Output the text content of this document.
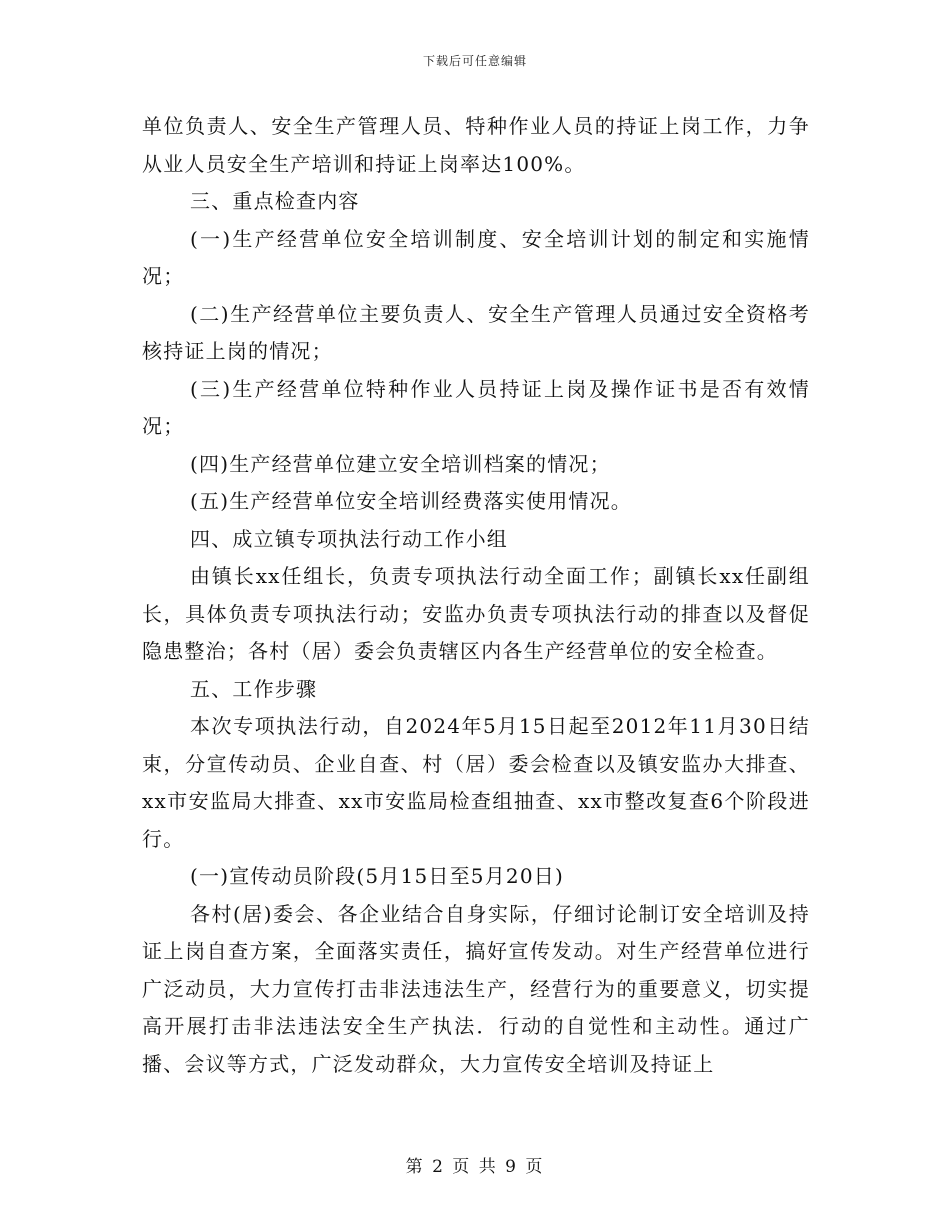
下载后可任意编辑

单位负责人、安全生产管理人员、特种作业人员的持证上岗工作，力争从业人员安全生产培训和持证上岗率达100%。

三、重点检查内容

(一)生产经营单位安全培训制度、安全培训计划的制定和实施情况；

(二)生产经营单位主要负责人、安全生产管理人员通过安全资格考核持证上岗的情况；

(三)生产经营单位特种作业人员持证上岗及操作证书是否有效情况；

(四)生产经营单位建立安全培训档案的情况；

(五)生产经营单位安全培训经费落实使用情况。

四、成立镇专项执法行动工作小组

由镇长xx任组长，负责专项执法行动全面工作；副镇长xx任副组长，具体负责专项执法行动；安监办负责专项执法行动的排查以及督促隐患整治；各村（居）委会负责辖区内各生产经营单位的安全检查。

五、工作步骤

本次专项执法行动，自2024年5月15日起至2012年11月30日结束，分宣传动员、企业自查、村（居）委会检查以及镇安监办大排查、xx市安监局大排查、xx市安监局检查组抽查、xx市整改复查6个阶段进行。

(一)宣传动员阶段(5月15日至5月20日)

各村(居)委会、各企业结合自身实际，仔细讨论制订安全培训及持证上岗自查方案，全面落实责任，搞好宣传发动。对生产经营单位进行广泛动员，大力宣传打击非法违法生产，经营行为的重要意义，切实提高开展打击非法违法安全生产执法．行动的自觉性和主动性。通过广播、会议等方式，广泛发动群众，大力宣传安全培训及持证上

第 2 页 共 9 页
